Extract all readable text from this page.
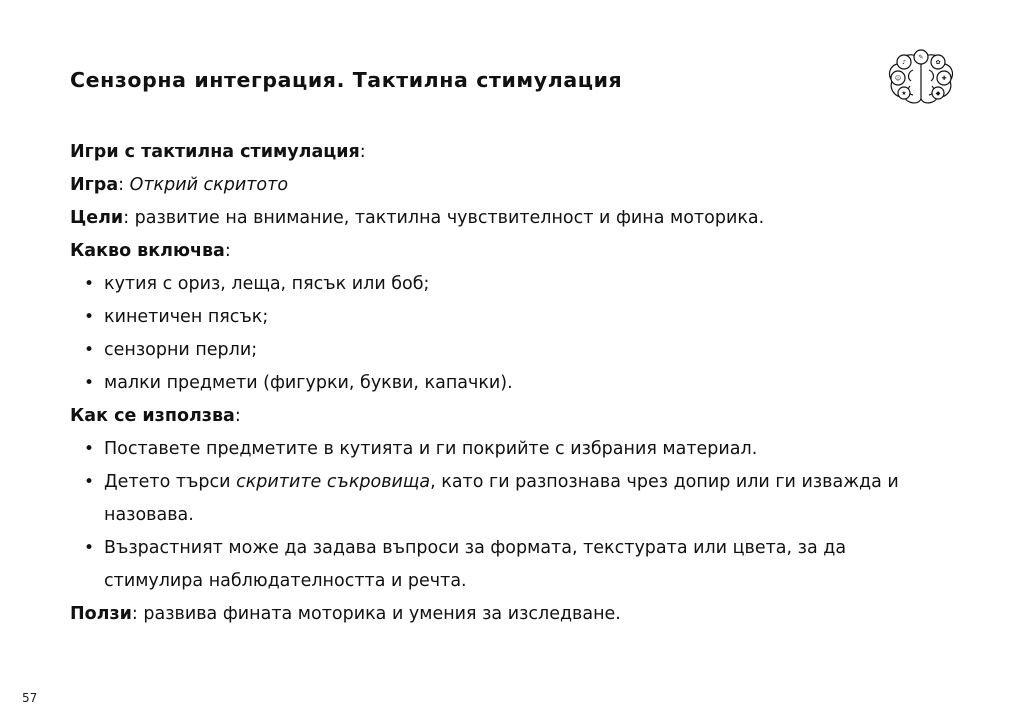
♪
✎
✿
☺	✚
★	◆
Сензорна интеграция. Тактилна стимулация

Игри с тактилна стимулация:

Игра: Открий скритото

Цели: развитие на внимание, тактилна чувствителност и фина моторика.

Какво включва:

• кутия с ориз, леща, пясък или боб;
• кинетичен пясък;
• сензорни перли;
• малки предмети (фигурки, букви, капачки).

Как се използва:

• Поставете предметите в кутията и ги покрийте с избрания материал.
• Детето търси скритите съкровища, като ги разпознава чрез допир или ги изважда и назовава.
• Възрастният може да задава въпроси за формата, текстурата или цвета, за да стимулира наблюдателността и речта.

Ползи: развива финатa моторика и умения за изследване.

57
